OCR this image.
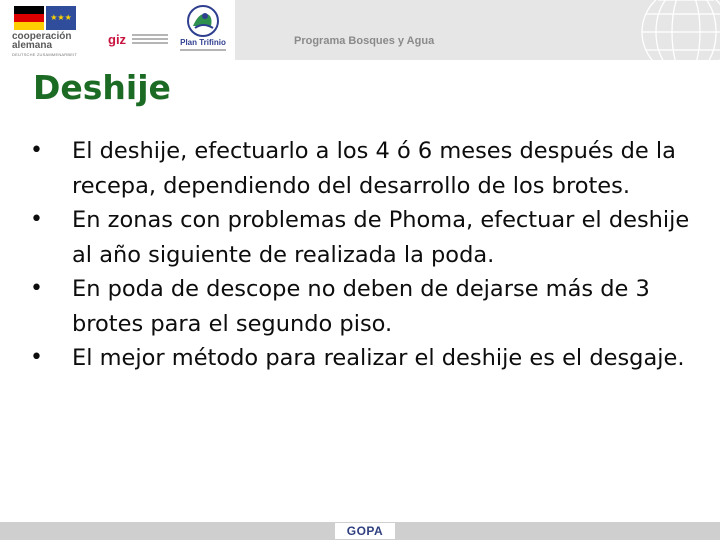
★★★
cooperación
alemana
DEUTSCHE ZUSAMMENARBEIT
giz	Plan Trifinio	Programa Bosques y Agua
Deshije
•	El deshije, efectuarlo a los 4 ó 6 meses después de la recepa, dependiendo del desarrollo de los brotes.
•	En zonas con problemas de Phoma, efectuar el deshije al año siguiente de realizada la poda.
•	En poda de descope no deben de dejarse más de 3 brotes para el segundo piso.
•	El mejor método para realizar el deshije es el desgaje.
GOPA
